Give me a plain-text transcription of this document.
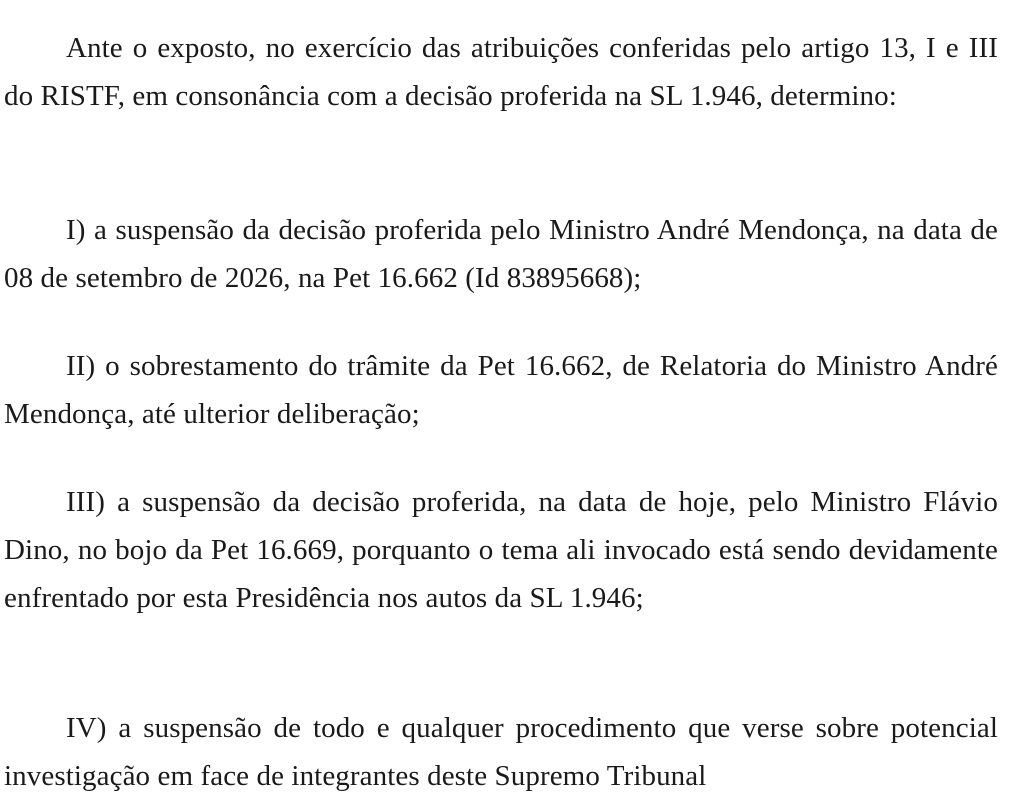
Ante o exposto, no exercício das atribuições conferidas pelo artigo 13, I e III do RISTF, em consonância com a decisão proferida na SL 1.946, determino:

I) a suspensão da decisão proferida pelo Ministro André Mendonça, na data de 08 de setembro de 2026, na Pet 16.662 (Id 83895668);

II) o sobrestamento do trâmite da Pet 16.662, de Relatoria do Ministro André Mendonça, até ulterior deliberação;

III) a suspensão da decisão proferida, na data de hoje, pelo Ministro Flávio Dino, no bojo da Pet 16.669, porquanto o tema ali invocado está sendo devidamente enfrentado por esta Presidência nos autos da SL 1.946;

IV) a suspensão de todo e qualquer procedimento que verse sobre potencial investigação em face de integrantes deste Supremo Tribunal
